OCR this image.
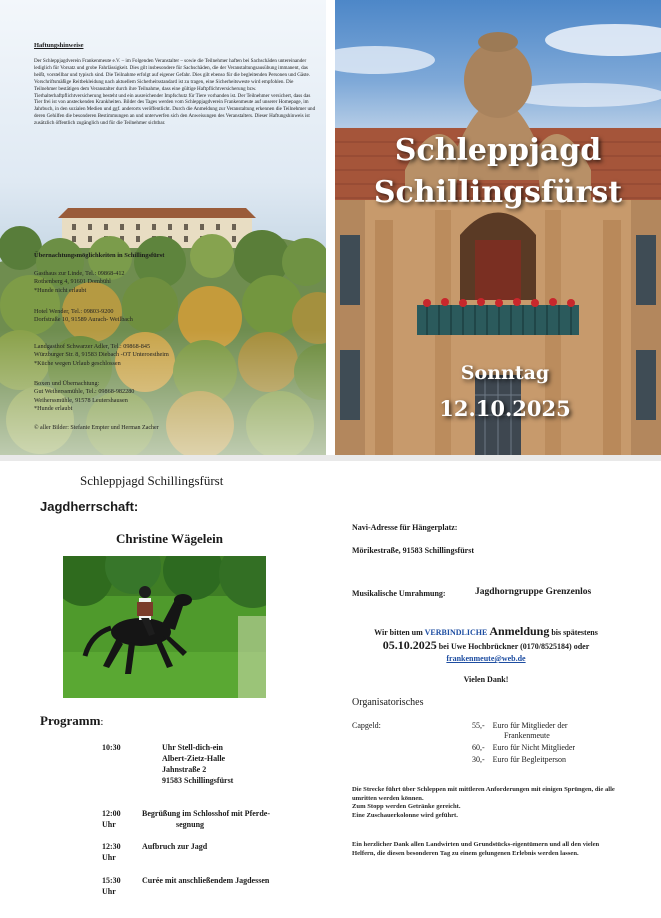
Haftungshinweise
Der Schleppjagdverein Frankenmeute e.V. – im Folgenden Veranstalter – sowie die Teilnehmer haften bei Sachschäden untereinander lediglich für Vorsatz und grobe Fahrlässigkeit. Dies gilt insbesondere für Sachschäden, die der Veranstaltungsausübung immanent, das heißt, vorstellbar und typisch sind. Die Teilnahme erfolgt auf eigener Gefahr. Dies gilt ebenso für die begleitenden Personen und Gäste. Vorschriftsmäßige Reitbekleidung nach aktuellem Sicherheitsstandard ist zu tragen, eine Sicherheitsweste wird empfohlen. Die Teilnehmer bestätigen dem Veranstalter durch ihre Teilnahme, dass eine gültige Haftpflichtversicherung bzw. Tierhalterhaftpflichtversicherung besteht und ein ausreichender Impfschutz für Tiere vorhanden ist. Der Teilnehmer versichert, dass das Tier frei ist von ansteckenden Krankheiten. Bilder des Tages werden vom Schleppjagdverein Frankenmeute auf unserer Homepage, im Jahrbuch, in den sozialen Medien und ggf. anderorts veröffentlicht. Durch die Anmeldung zur Veranstaltung erkennen die Teilnehmer und deren Gehilfen die besonderen Bestimmungen an und unterwerfen sich den Anweisungen des Veranstalters. Dieser Haftungshinweis ist zusätzlich öffentlich zugänglich und für die Teilnehmer sichtbar.
Übernachtungsmöglichkeiten in Schillingsfürst
Gasthaus zur Linde, Tel.: 09868-412
Rothenberg 4, 91601 Dombühl
*Hunde nicht erlaubt
Hotel Wender, Tel.: 09803-9200
Dorfstraße 10, 91589 Aurach- Weilbach
Landgasthof Schwarzer Adler, Tel.: 09868-845
Würzburger Str. 8, 91583 Diebach -OT Unteroestheim
*Küche wegen Urlaub geschlossen
Boxen und Übernachtung:
Gut Weiherssmühle, Tel.: 09868-982280
Weiherssmühle, 91578 Leutershausen
*Hunde erlaubt
© aller Bilder: Stefanie Empter und Herman Zacher
Schleppjagd
Schillingsfürst
Sonntag
12.10.2025
Schleppjagd Schillingsfürst
Jagdherrschaft:
Christine Wägelein
Programm:
10:30	Uhr Stell-dich-ein
Albert-Zietz-Halle
Jahnstraße 2
91583 Schillingsfürst
12:00 Uhr
Begrüßung im Schlosshof mit Pferde-
segnung
12:30 Uhr
Aufbruch zur Jagd
15:30 Uhr
Curée mit anschließendem Jagdessen
Navi-Adresse für Hängerplatz:
Mörikestraße, 91583 Schillingsfürst
Musikalische Umrahmung:	Jagdhorngruppe Grenzenlos
Wir bitten um VERBINDLICHE Anmeldung bis spätestens
05.10.2025 bei Uwe Hochbrückner (0170/8525184) oder
frankenmeute@web.de
Vielen Dank!
Organisatorisches
Capgeld:	55,- Euro für Mitglieder der
Frankenmeute
60,- Euro für Nicht Mitglieder
30,- Euro für Begleitperson
Die Strecke führt über Schleppen mit mittleren Anforderungen mit einigen Sprüngen, die alle umritten werden können.
Zum Stopp werden Getränke gereicht.
Eine Zuschauerkolonne wird geführt.
Ein herzlicher Dank allen Landwirten und Grundstücks-eigentümern und all den vielen Helfern, die diesen besonderen Tag zu einem gelungenen Erlebnis werden lassen.
